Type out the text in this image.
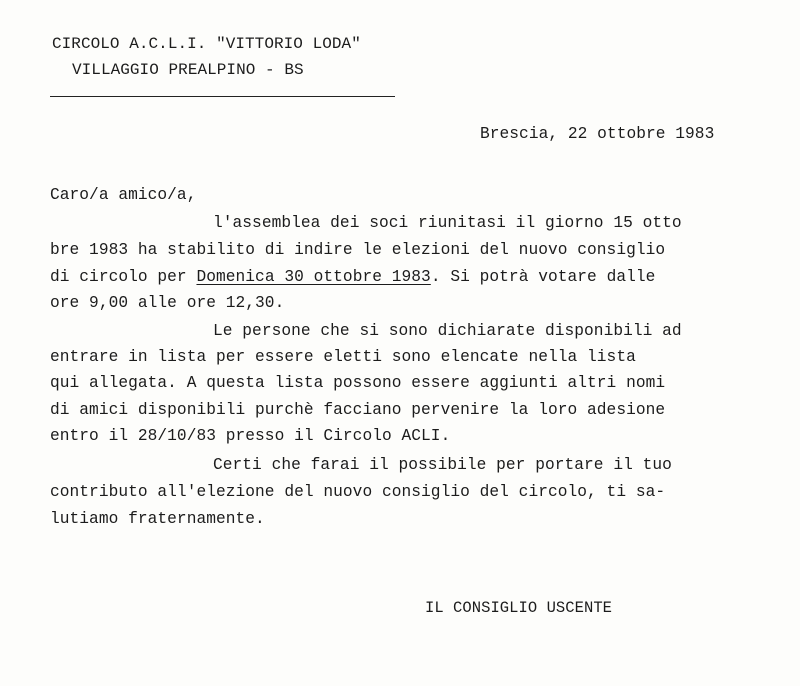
CIRCOLO A.C.L.I. "VITTORIO LODA"
VILLAGGIO PREALPINO - BS
Brescia, 22 ottobre 1983
Caro/a amico/a,
l'assemblea dei soci riunitasi il giorno 15 otto
bre 1983 ha stabilito di indire le elezioni del nuovo consiglio
di circolo per Domenica 30 ottobre 1983. Si potrà votare dalle
ore 9,00 alle ore 12,30.
Le persone che si sono dichiarate disponibili ad
entrare in lista per essere eletti sono elencate nella lista
qui allegata. A questa lista possono essere aggiunti altri nomi
di amici disponibili purchè facciano pervenire la loro adesione
entro il 28/10/83 presso il Circolo ACLI.
Certi che farai il possibile per portare il tuo
contributo all'elezione del nuovo consiglio del circolo, ti sa-
lutiamo fraternamente.
IL CONSIGLIO USCENTE
